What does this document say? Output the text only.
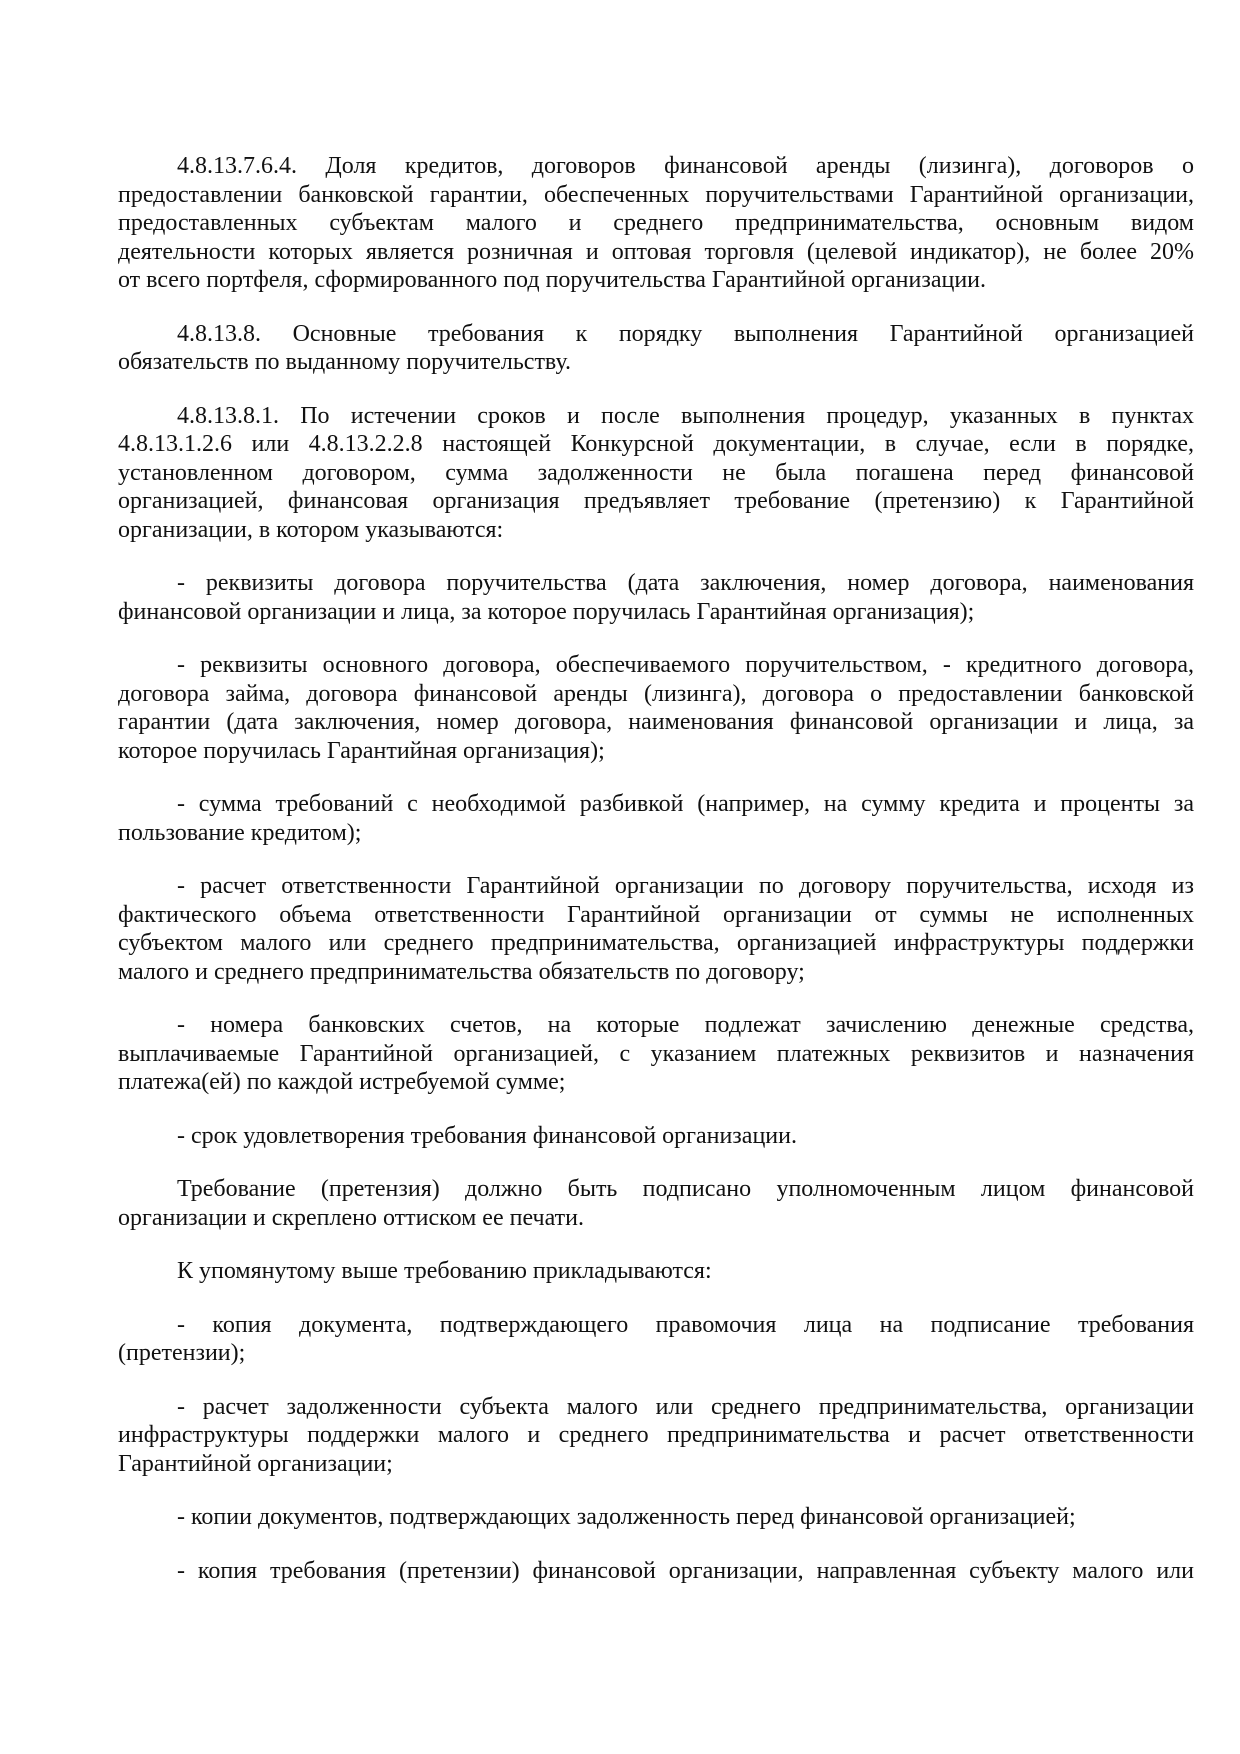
4.8.13.7.6.4. Доля кредитов, договоров финансовой аренды (лизинга), договоров о
предоставлении банковской гарантии, обеспеченных поручительствами Гарантийной организации,
предоставленных субъектам малого и среднего предпринимательства, основным видом
деятельности которых является розничная и оптовая торговля (целевой индикатор), не более 20%
от всего портфеля, сформированного под поручительства Гарантийной организации.
4.8.13.8. Основные требования к порядку выполнения Гарантийной организацией
обязательств по выданному поручительству.
4.8.13.8.1. По истечении сроков и после выполнения процедур, указанных в пунктах
4.8.13.1.2.6 или 4.8.13.2.2.8 настоящей Конкурсной документации, в случае, если в порядке,
установленном договором, сумма задолженности не была погашена перед финансовой
организацией, финансовая организация предъявляет требование (претензию) к Гарантийной
организации, в котором указываются:
- реквизиты договора поручительства (дата заключения, номер договора, наименования
финансовой организации и лица, за которое поручилась Гарантийная организация);
- реквизиты основного договора, обеспечиваемого поручительством, - кредитного договора,
договора займа, договора финансовой аренды (лизинга), договора о предоставлении банковской
гарантии (дата заключения, номер договора, наименования финансовой организации и лица, за
которое поручилась Гарантийная организация);
- сумма требований с необходимой разбивкой (например, на сумму кредита и проценты за
пользование кредитом);
- расчет ответственности Гарантийной организации по договору поручительства, исходя из
фактического объема ответственности Гарантийной организации от суммы не исполненных
субъектом малого или среднего предпринимательства, организацией инфраструктуры поддержки
малого и среднего предпринимательства обязательств по договору;
- номера банковских счетов, на которые подлежат зачислению денежные средства,
выплачиваемые Гарантийной организацией, с указанием платежных реквизитов и назначения
платежа(ей) по каждой истребуемой сумме;
- срок удовлетворения требования финансовой организации.
Требование (претензия) должно быть подписано уполномоченным лицом финансовой
организации и скреплено оттиском ее печати.
К упомянутому выше требованию прикладываются:
- копия документа, подтверждающего правомочия лица на подписание требования
(претензии);
- расчет задолженности субъекта малого или среднего предпринимательства, организации
инфраструктуры поддержки малого и среднего предпринимательства и расчет ответственности
Гарантийной организации;
- копии документов, подтверждающих задолженность перед финансовой организацией;
- копия требования (претензии) финансовой организации, направленная субъекту малого или
